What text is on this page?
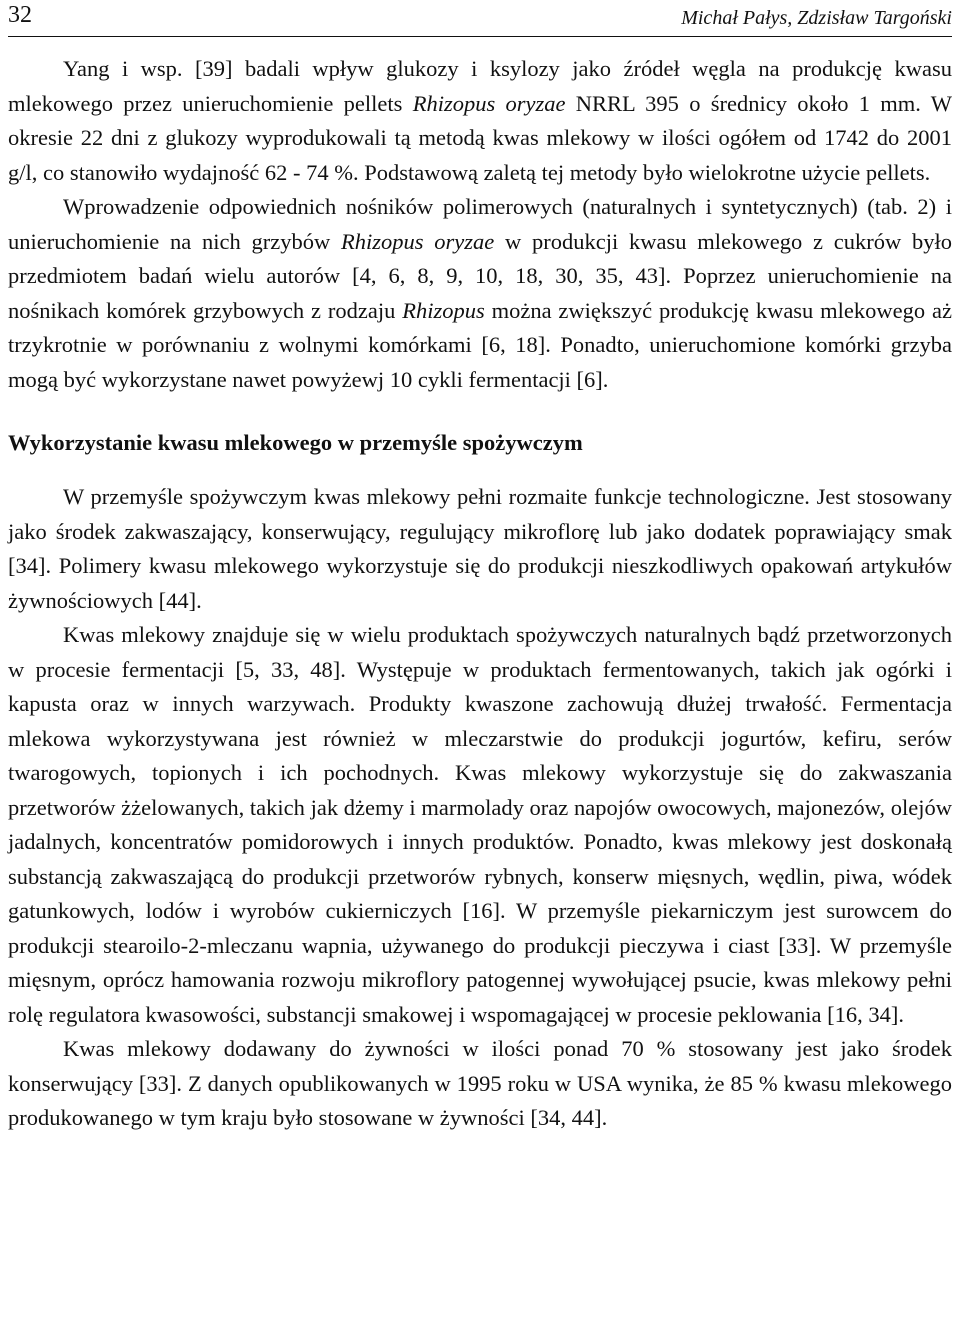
32	Michał Pałys, Zdzisław Targoński

Yang i wsp. [39] badali wpływ glukozy i ksylozy jako źródeł węgla na produkcję kwasu mlekowego przez unieruchomienie pellets Rhizopus oryzae NRRL 395 o średnicy około 1 mm. W okresie 22 dni z glukozy wyprodukowali tą metodą kwas mlekowy w ilości ogółem od 1742 do 2001 g/l, co stanowiło wydajność 62 - 74 %. Podstawową zaletą tej metody było wielokrotne użycie pellets.

Wprowadzenie odpowiednich nośników polimerowych (naturalnych i syntetycznych) (tab. 2) i unieruchomienie na nich grzybów Rhizopus oryzae w produkcji kwasu mlekowego z cukrów było przedmiotem badań wielu autorów [4, 6, 8, 9, 10, 18, 30, 35, 43]. Poprzez unieruchomienie na nośnikach komórek grzybowych z rodzaju Rhizopus można zwiększyć produkcję kwasu mlekowego aż trzykrotnie w porównaniu z wolnymi komórkami [6, 18]. Ponadto, unieruchomione komórki grzyba mogą być wykorzystane nawet powyżewj 10 cykli fermentacji [6].

Wykorzystanie kwasu mlekowego w przemyśle spożywczym

W przemyśle spożywczym kwas mlekowy pełni rozmaite funkcje technologiczne. Jest stosowany jako środek zakwaszający, konserwujący, regulujący mikroflorę lub jako dodatek poprawiający smak [34]. Polimery kwasu mlekowego wykorzystuje się do produkcji nieszkodliwych opakowań artykułów żywnościowych [44].

Kwas mlekowy znajduje się w wielu produktach spożywczych naturalnych bądź przetworzonych w procesie fermentacji [5, 33, 48]. Występuje w produktach fermentowanych, takich jak ogórki i kapusta oraz w innych warzywach. Produkty kwaszone zachowują dłużej trwałość. Fermentacja mlekowa wykorzystywana jest również w mleczarstwie do produkcji jogurtów, kefiru, serów twarogowych, topionych i ich pochodnych. Kwas mlekowy wykorzystuje się do zakwaszania przetworów żżelowanych, takich jak dżemy i marmolady oraz napojów owocowych, majonezów, olejów jadalnych, koncentratów pomidorowych i innych produktów. Ponadto, kwas mlekowy jest doskonałą substancją zakwaszającą do produkcji przetworów rybnych, konserw mięsnych, wędlin, piwa, wódek gatunkowych, lodów i wyrobów cukierniczych [16]. W przemyśle piekarniczym jest surowcem do produkcji stearoilo-2-mleczanu wapnia, używanego do produkcji pieczywa i ciast [33]. W przemyśle mięsnym, oprócz hamowania rozwoju mikroflory patogennej wywołującej psucie, kwas mlekowy pełni rolę regulatora kwasowości, substancji smakowej i wspomagającej w procesie peklowania [16, 34].

Kwas mlekowy dodawany do żywności w ilości ponad 70 % stosowany jest jako środek konserwujący [33]. Z danych opublikowanych w 1995 roku w USA wynika, że 85 % kwasu mlekowego produkowanego w tym kraju było stosowane w żywności [34, 44].
